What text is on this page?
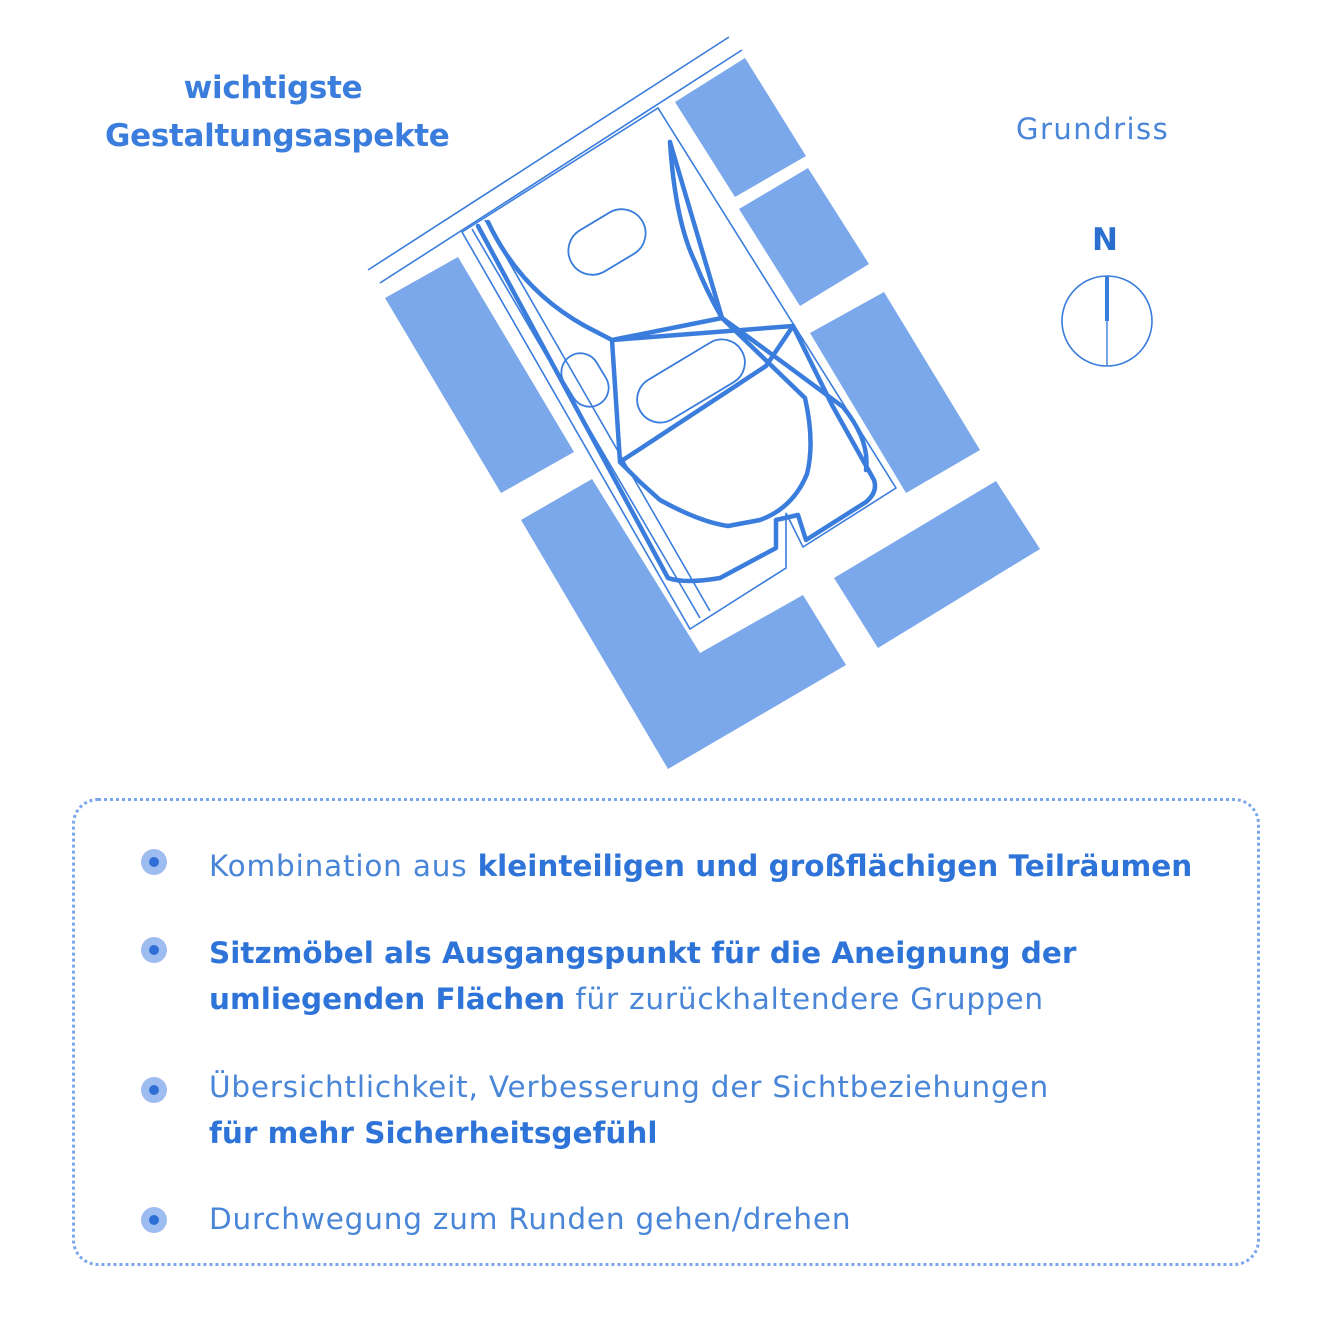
wichtigste
Gestaltungsaspekte	Grundriss
N
Kombination aus kleinteiligen und großflächigen Teilräumen
Sitzmöbel als Ausgangspunkt für die Aneignung der
umliegenden Flächen für zurückhaltendere Gruppen
Übersichtlichkeit, Verbesserung der Sichtbeziehungen
für mehr Sicherheitsgefühl
Durchwegung zum Runden gehen/drehen
